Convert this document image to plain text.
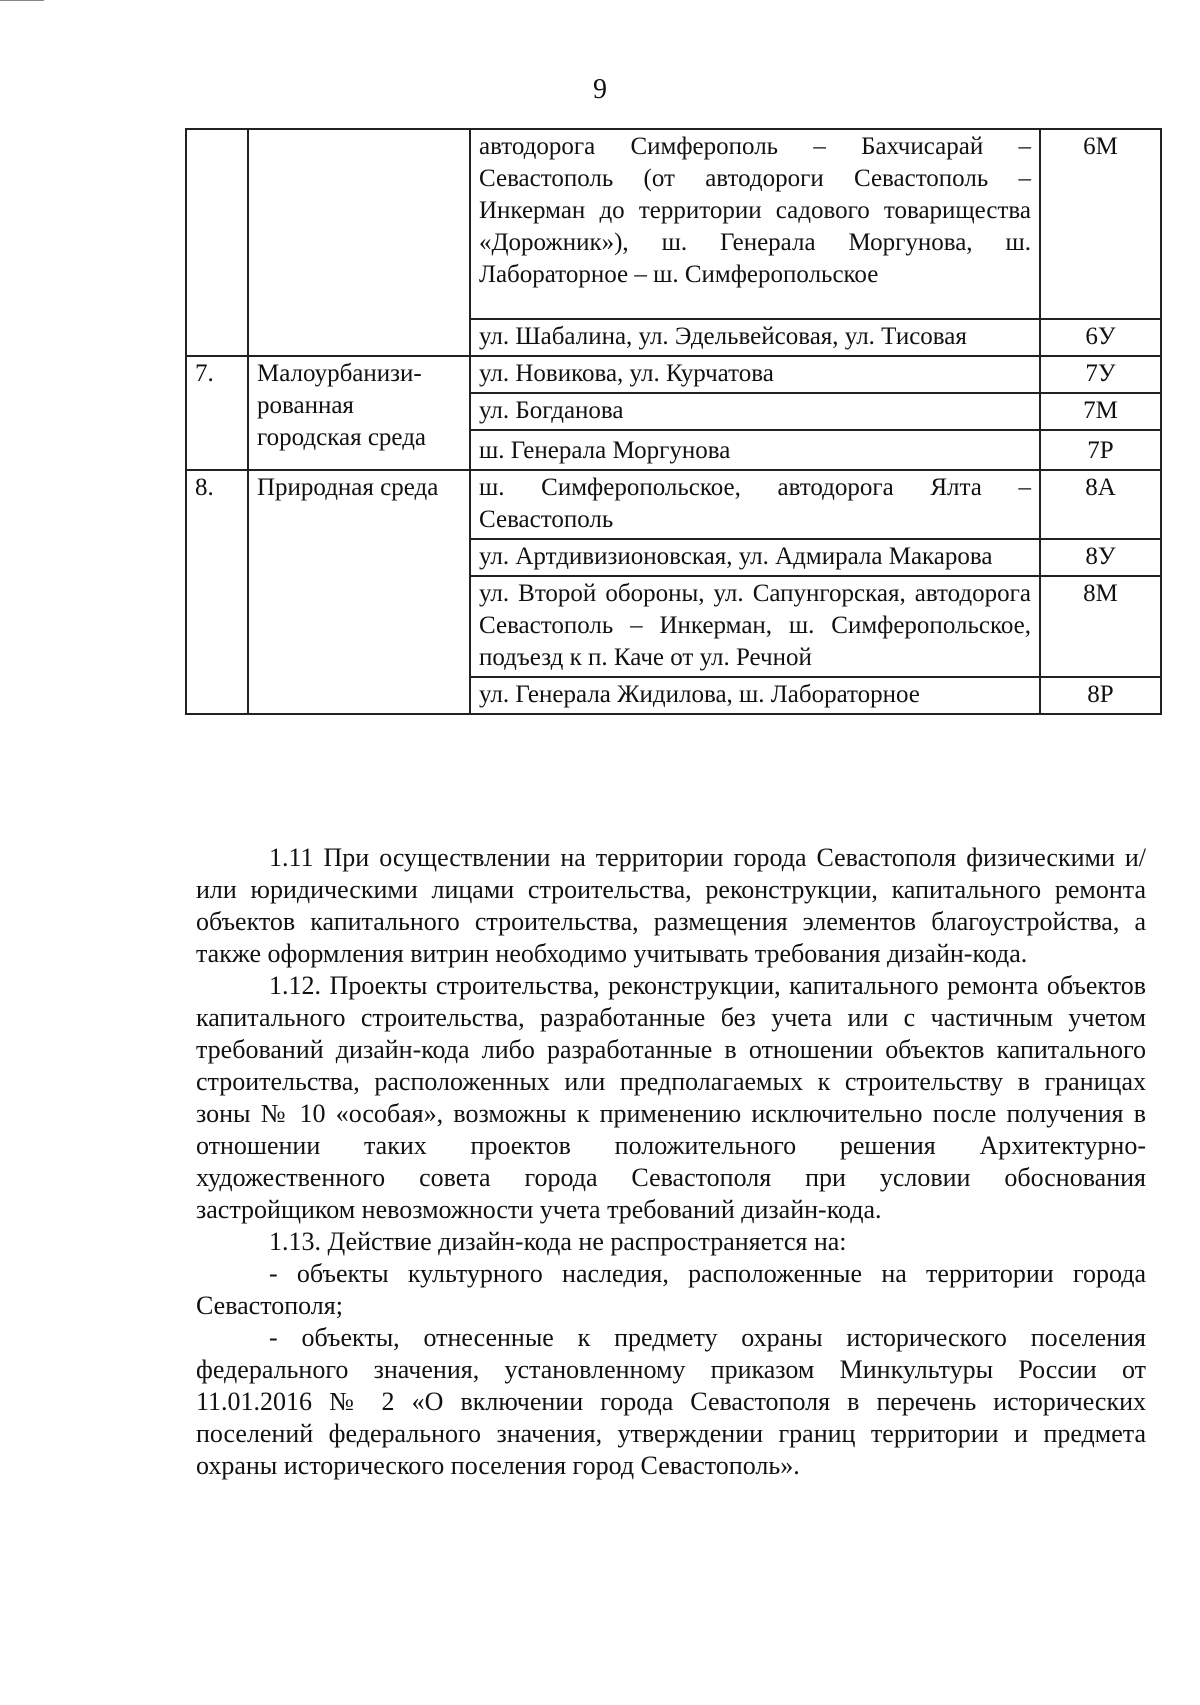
9
		автодорога Симферополь – Бахчисарай – Севастополь (от автодороги Севастополь – Инкерман до территории садового товарищества «Дорожник»), ш. Генерала Моргунова, ш. Лабораторное – ш. Симферопольское	6М
		ул. Шабалина, ул. Эдельвейсовая, ул. Тисовая	6У
7.	Малоурбанизи-рованная городская среда	ул. Новикова, ул. Курчатова	7У
		ул. Богданова	7М
		ш. Генерала Моргунова	7Р
8.	Природная среда	ш. Симферопольское, автодорога Ялта – Севастополь	8А
		ул. Артдивизионовская, ул. Адмирала Макарова	8У
		ул. Второй обороны, ул. Сапунгорская, автодорога Севастополь – Инкерман, ш. Симферопольское, подъезд к п. Каче от ул. Речной	8М
		ул. Генерала Жидилова, ш. Лабораторное	8Р

1.11 При осуществлении на территории города Севастополя физическими и/или юридическими лицами строительства, реконструкции, капитального ремонта объектов капитального строительства, размещения элементов благоустройства, а также оформления витрин необходимо учитывать требования дизайн-кода.

1.12. Проекты строительства, реконструкции, капитального ремонта объектов капитального строительства, разработанные без учета или с частичным учетом требований дизайн-кода либо разработанные в отношении объектов капитального строительства, расположенных или предполагаемых к строительству в границах зоны № 10 «особая», возможны к применению исключительно после получения в отношении таких проектов положительного решения Архитектурно-художественного совета города Севастополя при условии обоснования застройщиком невозможности учета требований дизайн-кода.

1.13. Действие дизайн-кода не распространяется на:

- объекты культурного наследия, расположенные на территории города Севастополя;

- объекты, отнесенные к предмету охраны исторического поселения федерального значения, установленному приказом Минкультуры России от 11.01.2016 № 2 «О включении города Севастополя в перечень исторических поселений федерального значения, утверждении границ территории и предмета охраны исторического поселения город Севастополь».
